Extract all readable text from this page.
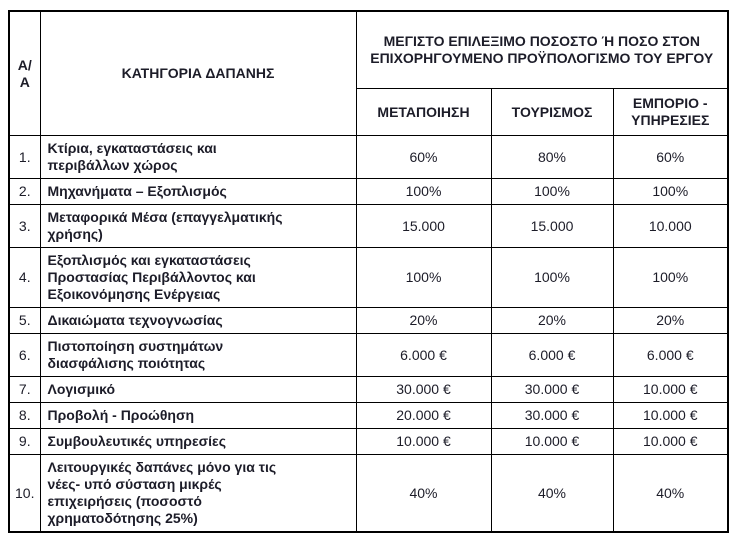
Α/Α	ΚΑΤΗΓΟΡΙΑ ΔΑΠΑΝΗΣ	ΜΕΓΙΣΤΟ ΕΠΙΛΕΞΙΜΟ ΠΟΣΟΣΤΟ Ή ΠΟΣΟ ΣΤΟΝ ΕΠΙΧΟΡΗΓΟΥΜΕΝΟ ΠΡΟΫΠΟΛΟΓΙΣΜΟ ΤΟΥ ΕΡΓΟΥ		
		ΜΕΤΑΠΟΙΗΣΗ	ΤΟΥΡΙΣΜΟΣ	ΕΜΠΟΡΙΟ - ΥΠΗΡΕΣΙΕΣ
1.	Κτίρια, εγκαταστάσεις και περιβάλλων χώρος	60%	80%	60%
2.	Μηχανήματα – Εξοπλισμός	100%	100%	100%
3.	Μεταφορικά Μέσα (επαγγελματικής χρήσης)	15.000	15.000	10.000
4.	Εξοπλισμός και εγκαταστάσεις Προστασίας Περιβάλλοντος και Εξοικονόμησης Ενέργειας	100%	100%	100%
5.	Δικαιώματα τεχνογνωσίας	20%	20%	20%
6.	Πιστοποίηση συστημάτων διασφάλισης ποιότητας	6.000 €	6.000 €	6.000 €
7.	Λογισμικό	30.000 €	30.000 €	10.000 €
8.	Προβολή - Προώθηση	20.000 €	30.000 €	10.000 €
9.	Συμβουλευτικές υπηρεσίες	10.000 €	10.000 €	10.000 €
10.	Λειτουργικές δαπάνες μόνο για τις νέες- υπό σύσταση μικρές επιχειρήσεις (ποσοστό χρηματοδότησης 25%)	40%	40%	40%
